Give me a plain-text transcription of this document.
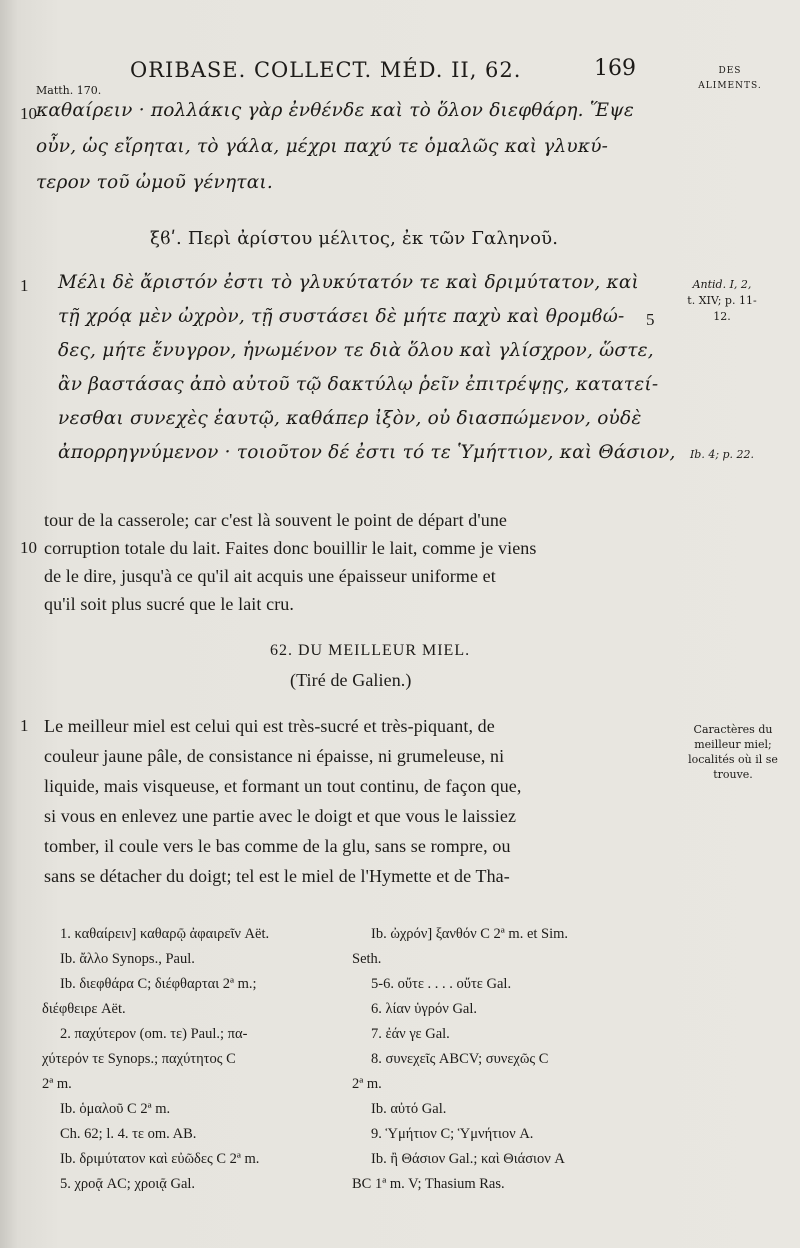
ORIBASE. COLLECT. MÉD. II, 62.	169	DES
ALIMENTS.
Matth. 170.
10 καθαίρειν · πολλάκις γὰρ ἐνθένδε καὶ τὸ ὅλον διεφθάρη. Ἕψε
οὖν, ὡς εἴρηται, τὸ γάλα, μέχρι παχύ τε ὁμαλῶς καὶ γλυκύ-
τερον τοῦ ὠμοῦ γένηται.
ξϐʹ. Περὶ ἀρίστου μέλιτος, ἐκ τῶν Γαληνοῦ.
1 Μέλι δὲ ἄριστόν ἐστι τὸ γλυκύτατόν τε καὶ δριμύτατον, καὶ
τῇ χρόᾳ μὲν ὠχρὸν, τῇ συστάσει δὲ μήτε παχὺ καὶ θρομϐώ- 5
δες, μήτε ἔνυγρον, ἡνωμένον τε διὰ ὅλου καὶ γλίσχρον, ὥστε,
ἂν βαστάσας ἀπὸ αὐτοῦ τῷ δακτύλῳ ῥεῖν ἐπιτρέψῃς, κατατεί-
νεσθαι συνεχὲς ἑαυτῷ, καθάπερ ἰξὸν, οὐ διασπώμενον, οὐδὲ
ἀπορρηγνύμενον · τοιοῦτον δέ ἐστι τό τε Ὑμήττιον, καὶ Θάσιον,
Antid. I, 2,
t. XIV; p. 11-
12.
Ib. 4; p. 22.
tour de la casserole; car c'est là souvent le point de départ d'une
10 corruption totale du lait. Faites donc bouillir le lait, comme je viens
de le dire, jusqu'à ce qu'il ait acquis une épaisseur uniforme et
qu'il soit plus sucré que le lait cru.
62. DU MEILLEUR MIEL.
(Tiré de Galien.)
1 Le meilleur miel est celui qui est très-sucré et très-piquant, de
couleur jaune pâle, de consistance ni épaisse, ni grumeleuse, ni
liquide, mais visqueuse, et formant un tout continu, de façon que,
si vous en enlevez une partie avec le doigt et que vous le laissiez
tomber, il coule vers le bas comme de la glu, sans se rompre, ou
sans se détacher du doigt; tel est le miel de l'Hymette et de Tha-
Caractères du meilleur miel; localités où il se trouve.
1. καθαίρειν] καθαρῷ ἀφαιρεῖν Aët.
Ib. ἄλλο Synops., Paul.
Ib. διεφθάρα C; διέφθαρται 2ª m.;
διέφθειρε Aët.
2. παχύτερον (om. τε) Paul.; πα-
χύτερόν τε Synops.; παχύτητος C
2ª m.
Ib. ὁμαλοῦ C 2ª m.
Ch. 62; l. 4. τε om. AB.
Ib. δριμύτατον καὶ εὐῶδες C 2ª m.
5. χροᾷ AC; χροιᾷ Gal.
Ib. ὠχρόν] ξανθόν C 2ª m. et Sim.
Seth.
5-6. οὔτε . . . . οὔτε Gal.
6. λίαν ὑγρόν Gal.
7. ἐάν γε Gal.
8. συνεχεῖς ABCV; συνεχῶς C
2ª m.
Ib. αὐτό Gal.
9. Ὑμήτιον C; Ὑμνήτιον A.
Ib. ἢ Θάσιον Gal.; καὶ Θιάσιον A
BC 1ª m. V; Thasium Ras.
